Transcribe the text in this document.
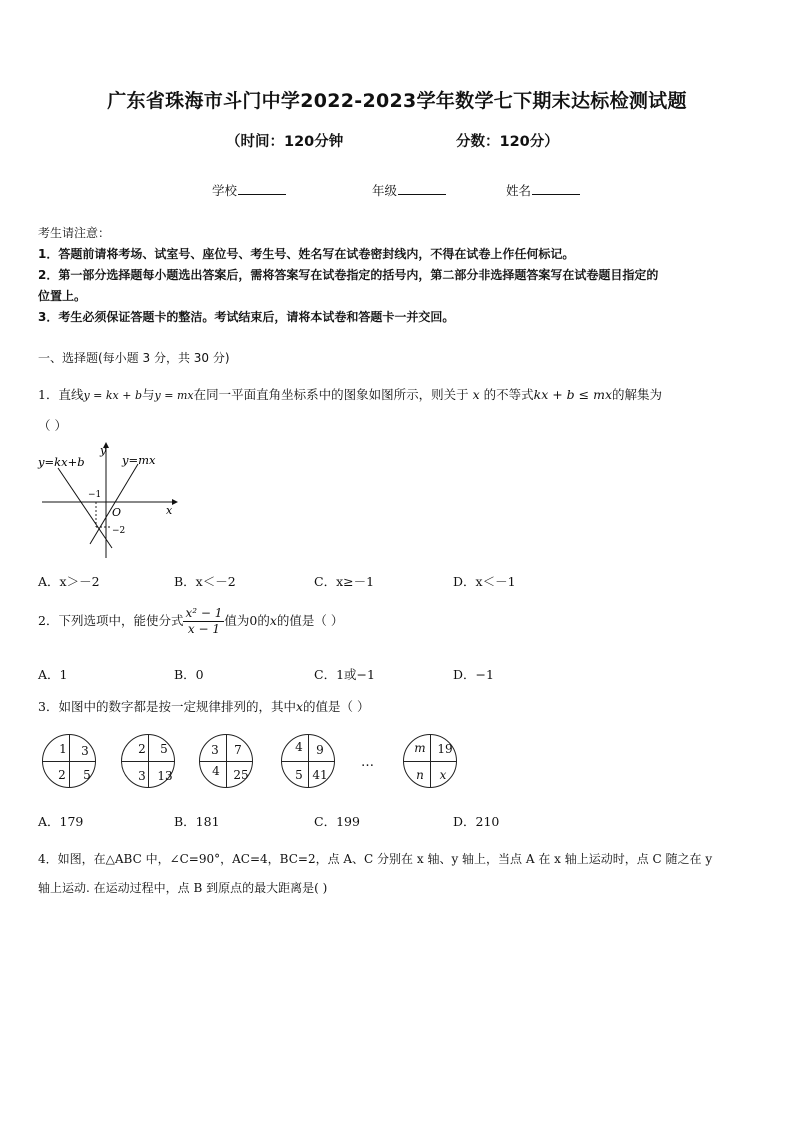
广东省珠海市斗门中学2022-2023学年数学七下期末达标检测试题
（时间：120分钟	分数：120分）
学校	年级	姓名
考生请注意：
1．答题前请将考场、试室号、座位号、考生号、姓名写在试卷密封线内，不得在试卷上作任何标记。
2．第一部分选择题每小题选出答案后，需将答案写在试卷指定的括号内，第二部分非选择题答案写在试卷题目指定的
位置上。
3．考生必须保证答题卡的整洁。考试结束后，请将本试卷和答题卡一并交回。
一、选择题(每小题 3 分，共 30 分)
1．直线y = kx + b与y = mx在同一平面直角坐标系中的图象如图所示，则关于 x 的不等式kx + b ≤ mx的解集为
（ ）
y=kx+b	y=mx
y
x
O
−1
−2
A．x＞－2	B．x＜－2	C．x≥－1	D．x＜－1
2．下列选项中，能使分式 $\frac{\text{x² − 1}}{x - 1}$ 值为0的x的值是（ ）
A．1	B．0	C．1或−1	D．−1
3．如图中的数字都是按一定规律排列的，其中x的值是（ ）
1	3
2	5
2	5
3 13
3	7
4	25
4	9
5 41
…
m 19
n	x
A．179	B．181	C．199	D．210
4．如图，在△ABC 中，∠C=90°，AC=4，BC=2，点 A、C 分别在 x 轴、y 轴上，当点 A 在 x 轴上运动时，点 C 随之在 y
轴上运动. 在运动过程中，点 B 到原点的最大距离是( )
